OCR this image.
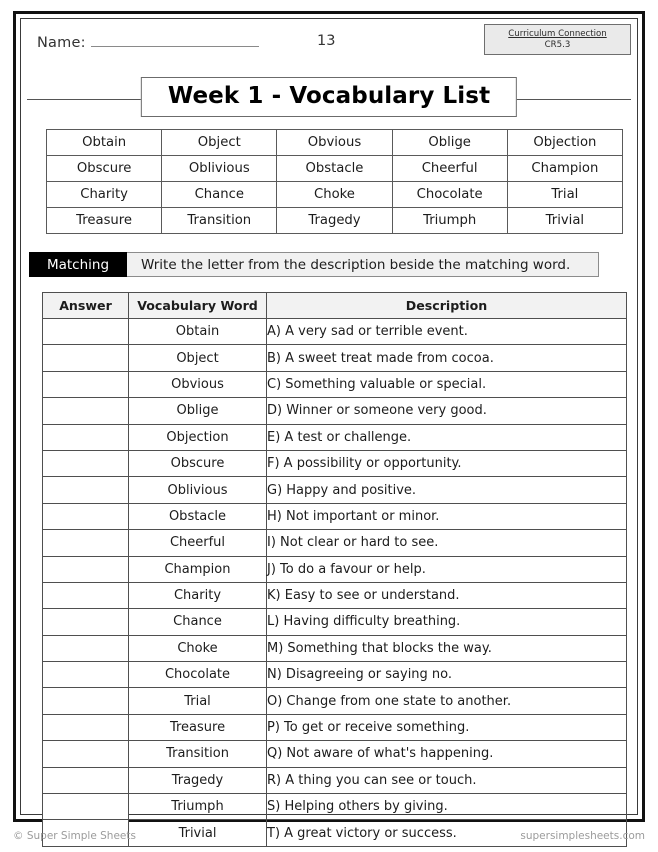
Name:	13	Curriculum Connection
CR5.3
Week 1 - Vocabulary List
Obtain	Object	Obvious	Oblige	Objection
Obscure	Oblivious	Obstacle	Cheerful	Champion
Charity	Chance	Choke	Chocolate	Trial
Treasure	Transition	Tragedy	Triumph	Trivial
Matching	Write the letter from the description beside the matching word.
Answer	Vocabulary Word	Description
	Obtain	A) A very sad or terrible event.
	Object	B) A sweet treat made from cocoa.
	Obvious	C) Something valuable or special.
	Oblige	D) Winner or someone very good.
	Objection	E) A test or challenge.
	Obscure	F) A possibility or opportunity.
	Oblivious	G) Happy and positive.
	Obstacle	H) Not important or minor.
	Cheerful	I) Not clear or hard to see.
	Champion	J) To do a favour or help.
	Charity	K) Easy to see or understand.
	Chance	L) Having difficulty breathing.
	Choke	M) Something that blocks the way.
	Chocolate	N) Disagreeing or saying no.
	Trial	O) Change from one state to another.
	Treasure	P) To get or receive something.
	Transition	Q) Not aware of what's happening.
	Tragedy	R) A thing you can see or touch.
	Triumph	S) Helping others by giving.
	Trivial	T) A great victory or success.
© Super Simple Sheets	supersimplesheets.com
